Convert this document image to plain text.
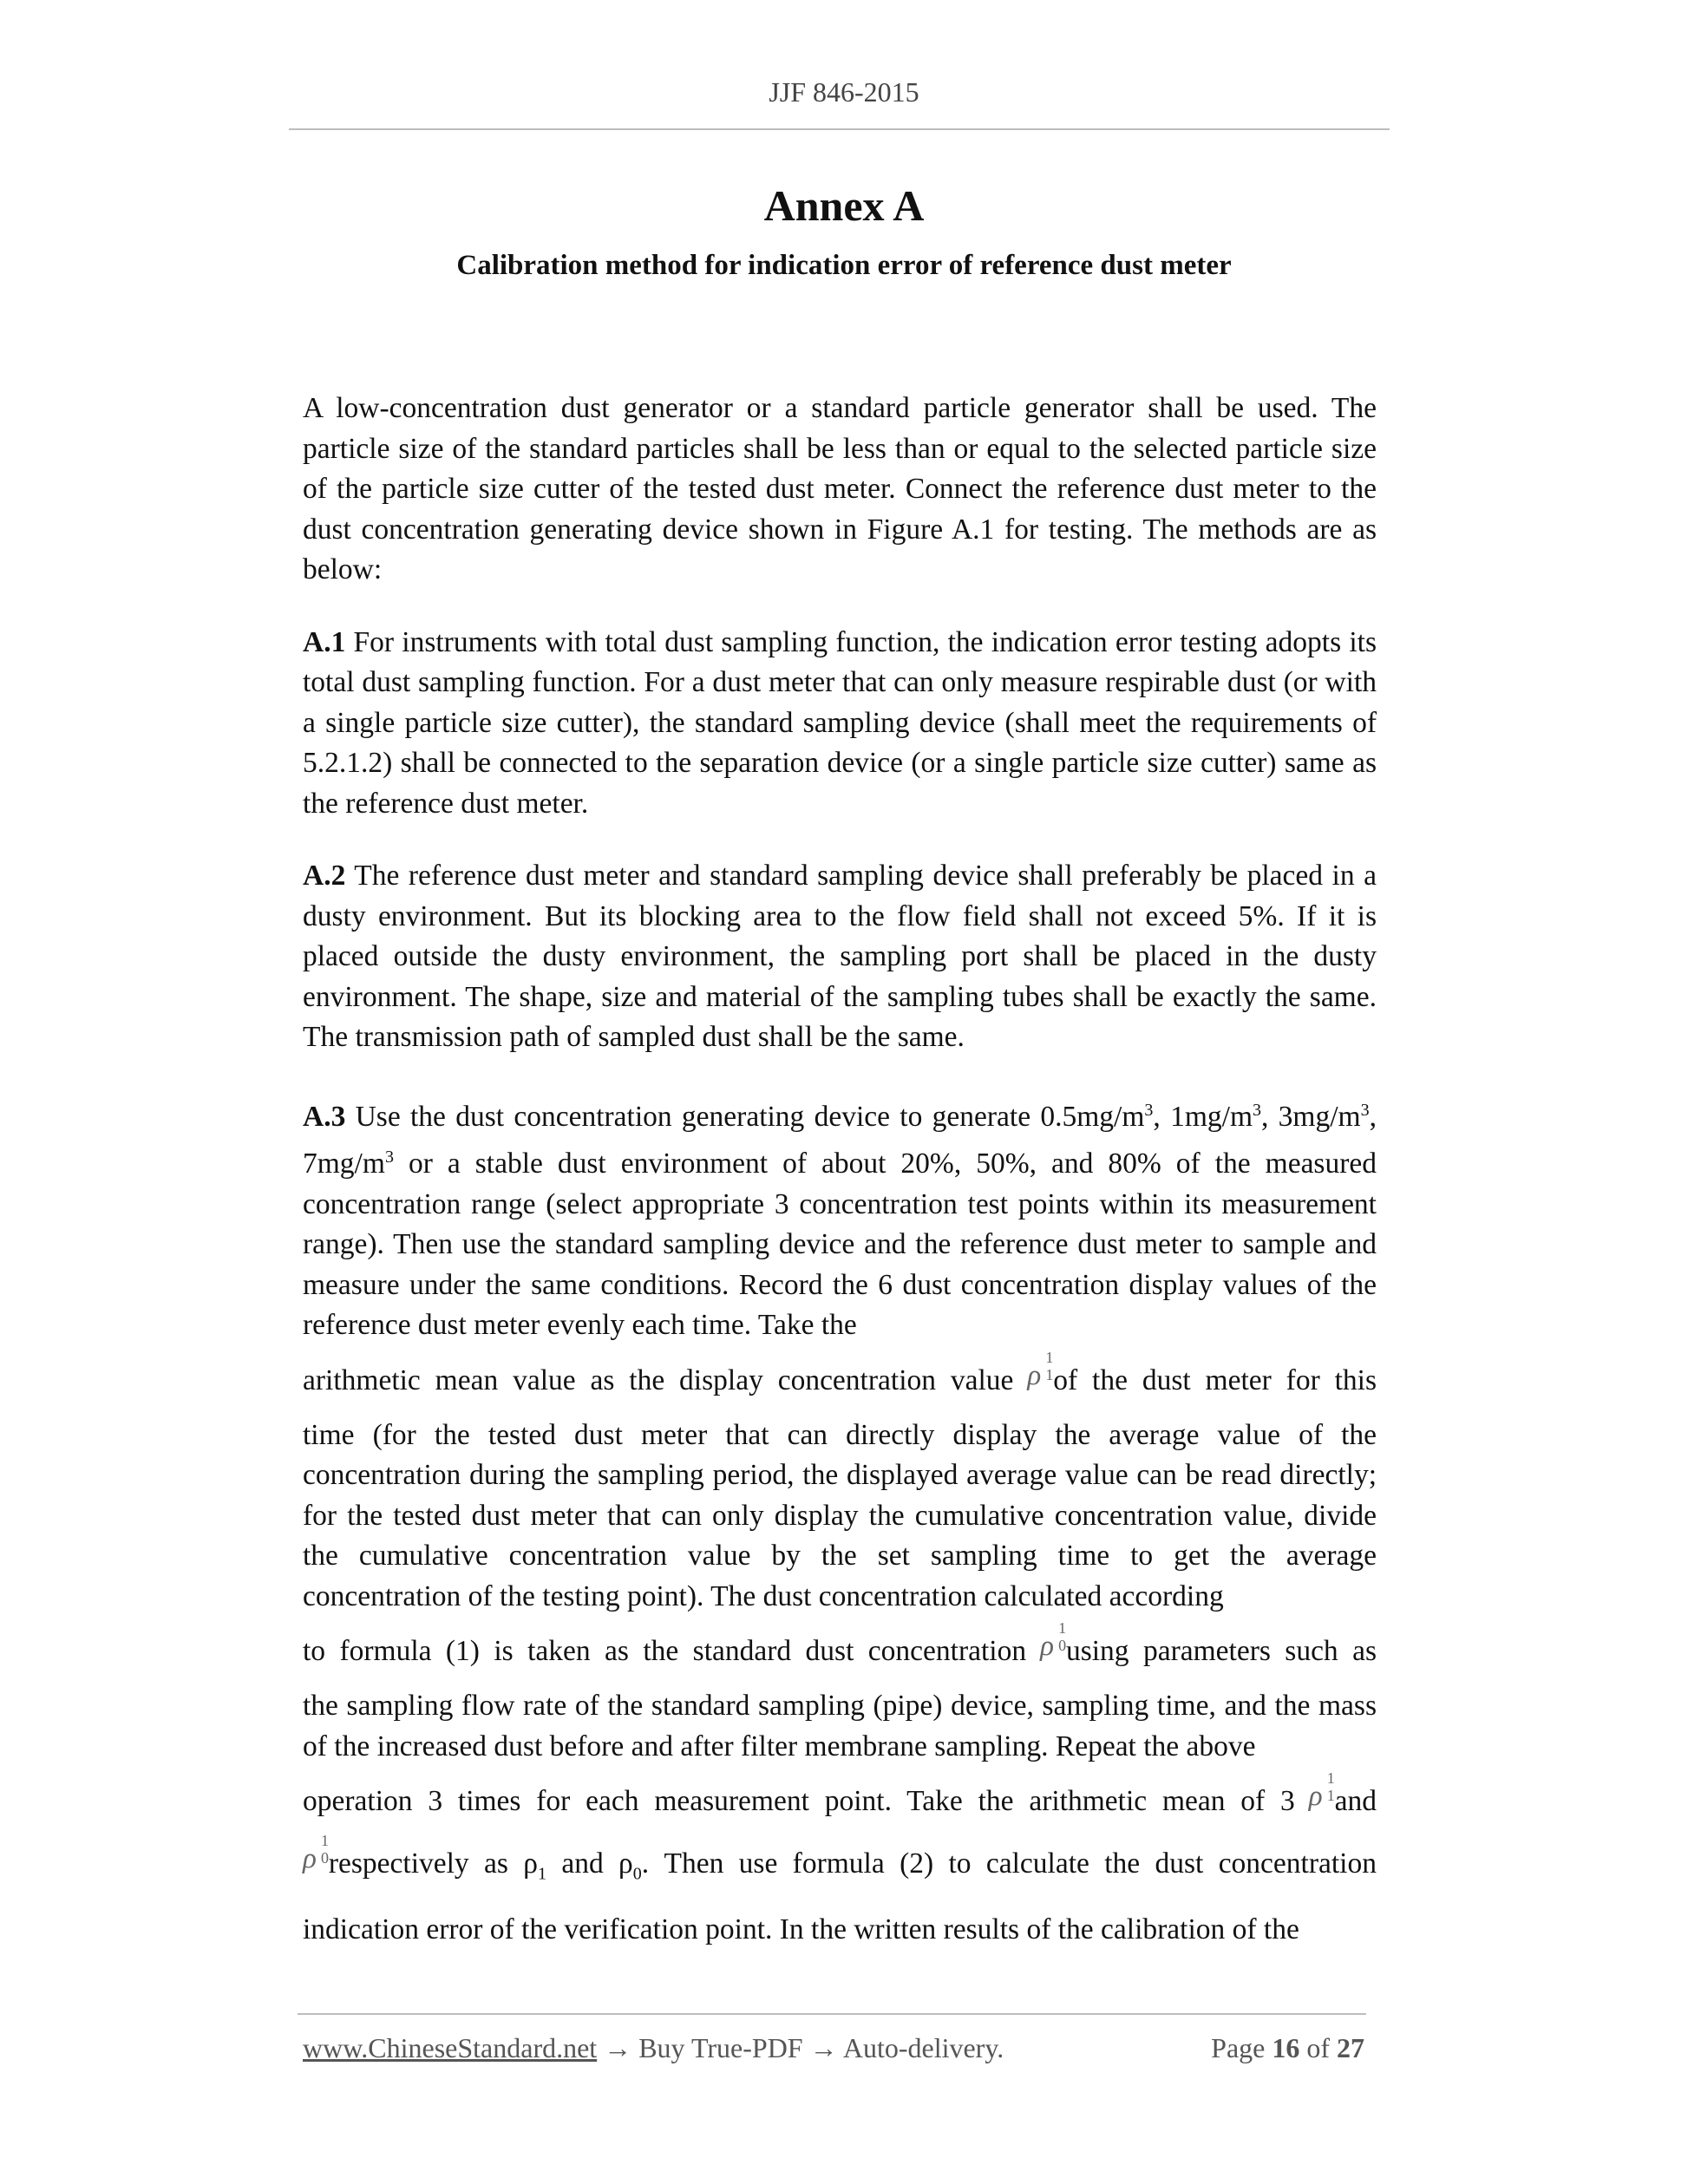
JJF 846-2015
Annex A
Calibration method for indication error of reference dust meter

A low-concentration dust generator or a standard particle generator shall be used. The particle size of the standard particles shall be less than or equal to the selected particle size of the particle size cutter of the tested dust meter. Connect the reference dust meter to the dust concentration generating device shown in Figure A.1 for testing. The methods are as below:

A.1 For instruments with total dust sampling function, the indication error testing adopts its total dust sampling function. For a dust meter that can only measure respirable dust (or with a single particle size cutter), the standard sampling device (shall meet the requirements of 5.2.1.2) shall be connected to the separation device (or a single particle size cutter) same as the reference dust meter.

A.2 The reference dust meter and standard sampling device shall preferably be placed in a dusty environment. But its blocking area to the flow field shall not exceed 5%. If it is placed outside the dusty environment, the sampling port shall be placed in the dusty environment. The shape, size and material of the sampling tubes shall be exactly the same. The transmission path of sampled dust shall be the same.

A.3 Use the dust concentration generating device to generate $0.5mg/m^3$, $1mg/m^3$, $3mg/m^3$, $7mg/m^3$ or a stable dust environment of about 20%, 50%, and 80% of the measured concentration range (select appropriate 3 concentration test points within its measurement range). Then use the standard sampling device and the reference dust meter to sample and measure under the same conditions. Record the 6 dust concentration display values of the reference dust meter evenly each time. Take the

arithmetic mean value as the display concentration value ρ
1
1 of the dust meter for this

time (for the tested dust meter that can directly display the average value of the concentration during the sampling period, the displayed average value can be read directly; for the tested dust meter that can only display the cumulative concentration value, divide the cumulative concentration value by the set sampling time to get the average concentration of the testing point). The dust concentration calculated according

to formula (1) is taken as the standard dust concentration ρ
1
0 using parameters such as

the sampling flow rate of the standard sampling (pipe) device, sampling time, and the mass of the increased dust before and after filter membrane sampling. Repeat the above

operation 3 times for each measurement point. Take the arithmetic mean of 3 ρ
1
1 and
ρ
1
0 respectively as $\rho_1$ and $\rho_0$. Then use formula (2) to calculate the dust concentration indication error of the verification point. In the written results of the calibration of the
www.ChineseStandard.net → Buy True-PDF → Auto-delivery.	Page 16 of 27
